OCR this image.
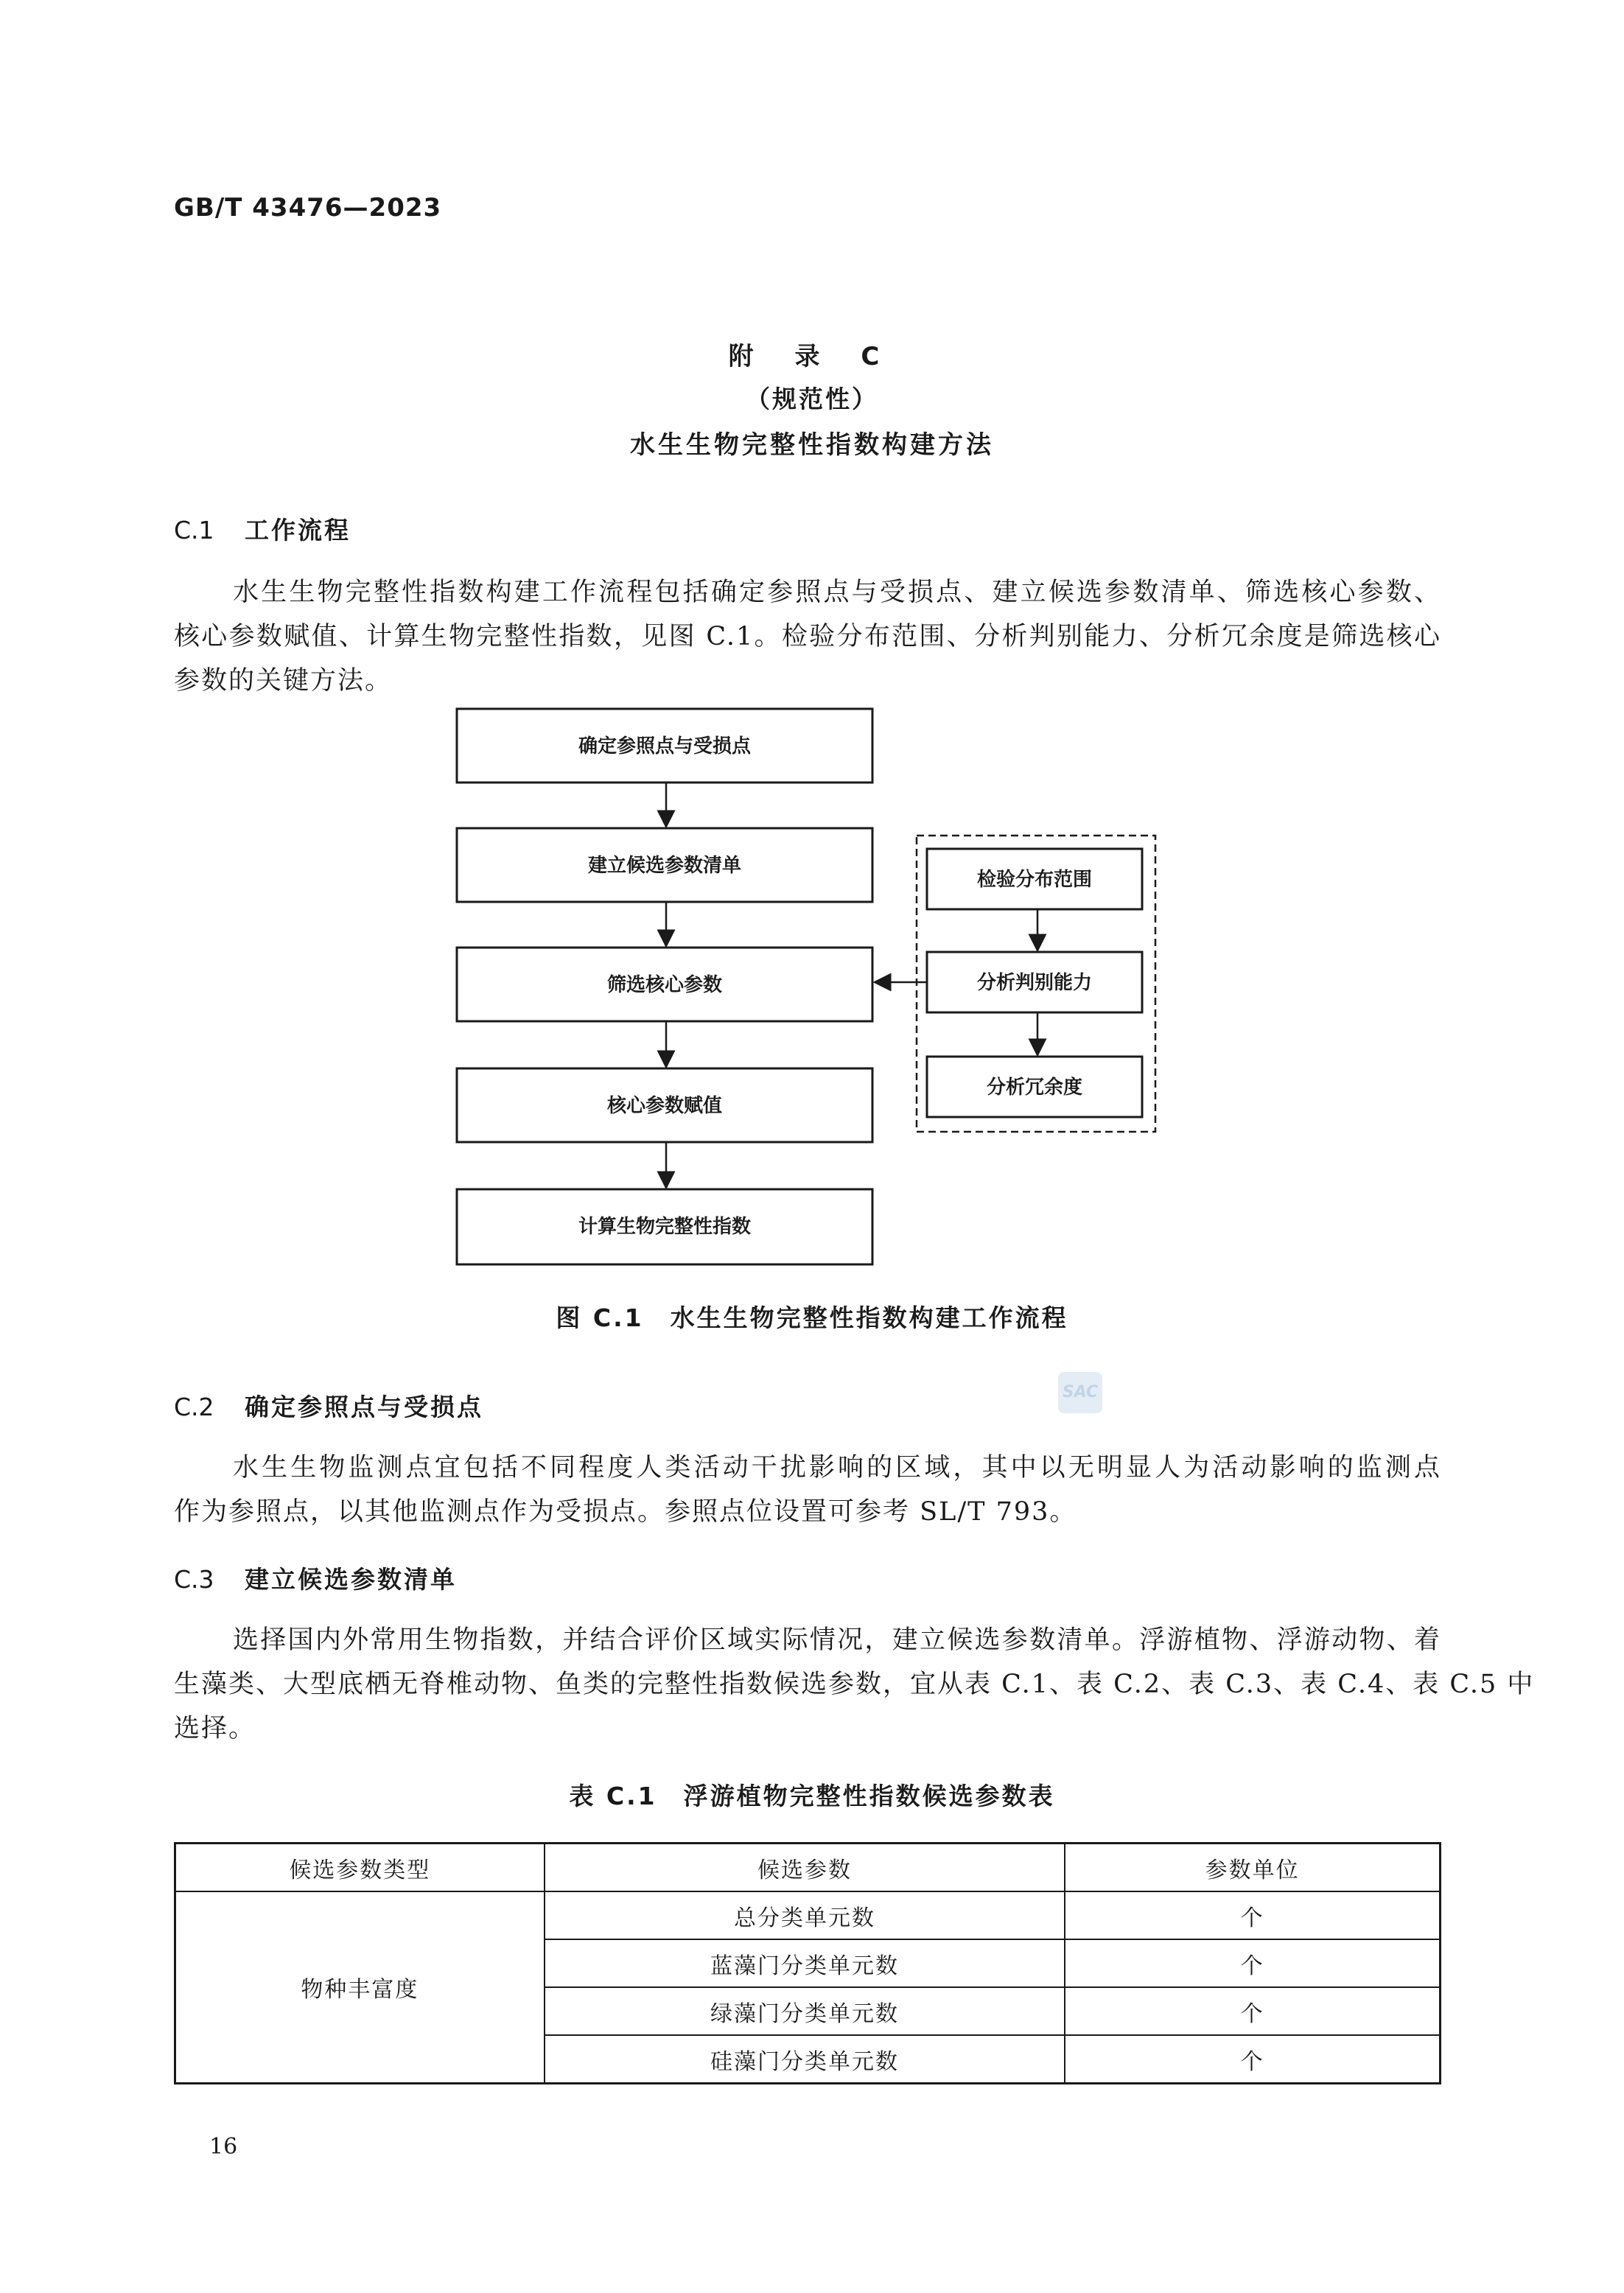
GB/T 43476—2023
附 录 C
（规范性）
水生生物完整性指数构建方法
C.1 工作流程
水生生物完整性指数构建工作流程包括确定参照点与受损点、建立候选参数清单、筛选核心参数、
核心参数赋值、计算生物完整性指数，见图 C.1。检验分布范围、分析判别能力、分析冗余度是筛选核心
参数的关键方法。
确定参照点与受损点
建立候选参数清单
筛选核心参数
核心参数赋值
计算生物完整性指数
检验分布范围
分析判别能力
分析冗余度
图 C.1　水生生物完整性指数构建工作流程
C.2 确定参照点与受损点
SAC
水生生物监测点宜包括不同程度人类活动干扰影响的区域，其中以无明显人为活动影响的监测点
作为参照点，以其他监测点作为受损点。参照点位设置可参考 SL/T 793。
C.3 建立候选参数清单
选择国内外常用生物指数，并结合评价区域实际情况，建立候选参数清单。浮游植物、浮游动物、着
生藻类、大型底栖无脊椎动物、鱼类的完整性指数候选参数，宜从表 C.1、表 C.2、表 C.3、表 C.4、表 C.5 中
选择。
表 C.1　浮游植物完整性指数候选参数表
候选参数类型	候选参数	参数单位
物种丰富度	总分类单元数	个
	蓝藻门分类单元数	个
	绿藻门分类单元数	个
	硅藻门分类单元数	个
16
